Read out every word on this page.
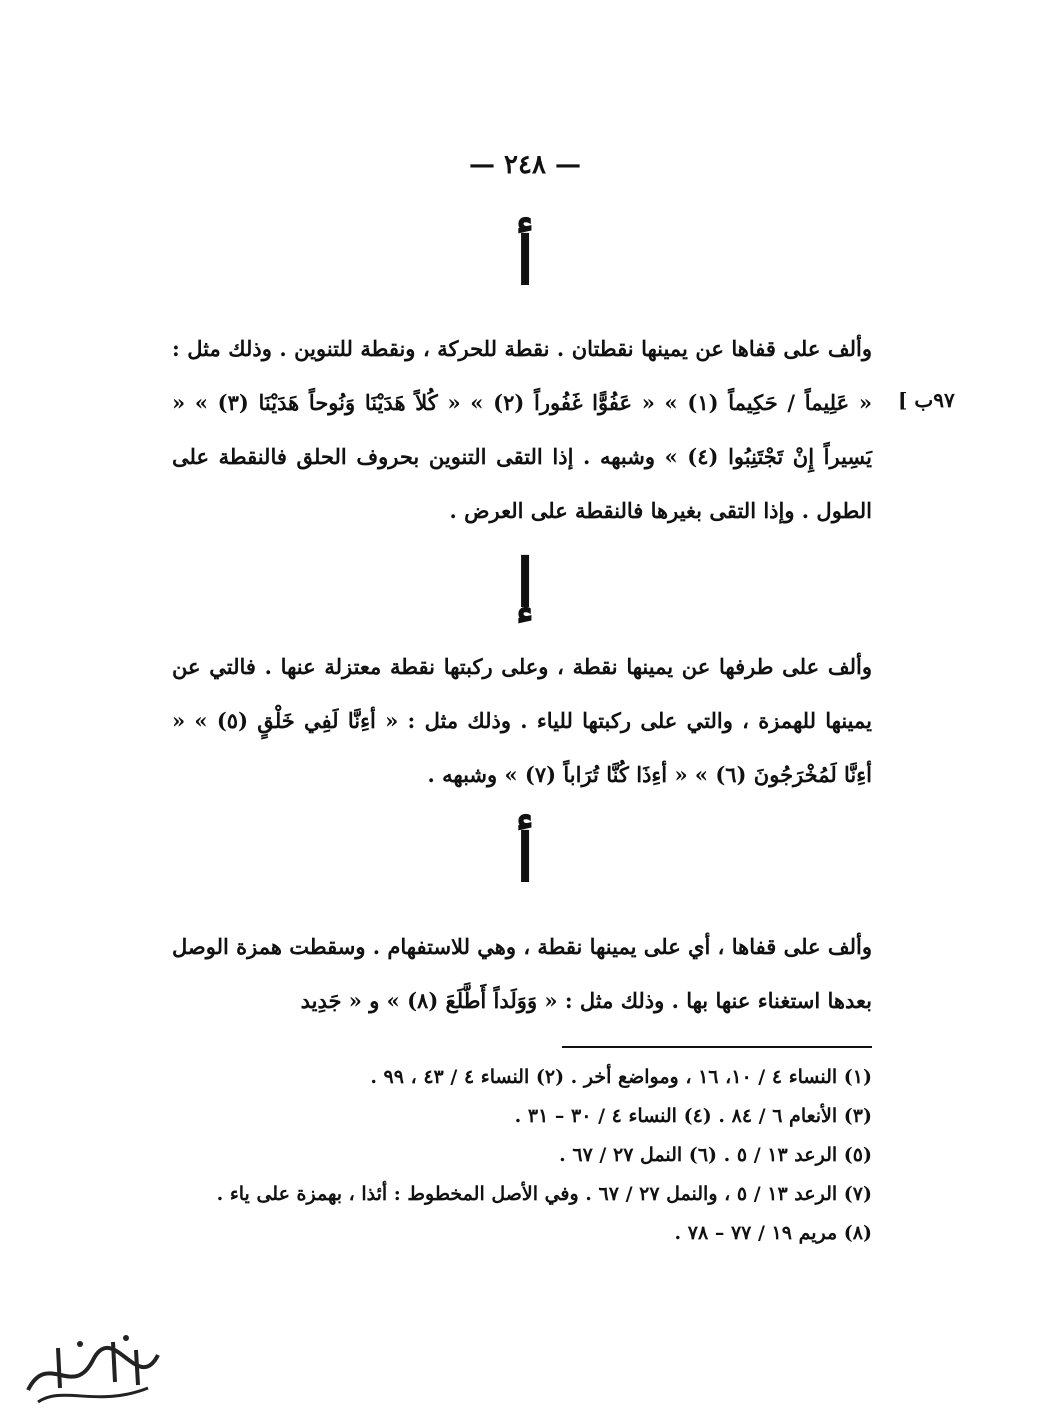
— ٢٤٨ —
أ
وألف على قفاها عن يمينها نقطتان . نقطة للحركة ، ونقطة للتنوين . وذلك مثل : « عَلِيماً / حَكِيماً (١) » « عَفُوًّا غَفُوراً (٢) » « كُلاً هَدَيْنَا وَنُوحاً هَدَيْنَا (٣) » « يَسِيراً إِنْ تَجْتَنِبُوا (٤) » وشبهه . إذا التقى التنوين بحروف الحلق فالنقطة على الطول . وإذا التقى بغيرها فالنقطة على العرض .
٩٧ب ]
إ
وألف على طرفها عن يمينها نقطة ، وعلى ركبتها نقطة معتزلة عنها . فالتي عن يمينها للهمزة ، والتي على ركبتها للياء . وذلك مثل : « أءِنَّا لَفِي خَلْقٍ (٥) » « أءِنَّا لَمُخْرَجُونَ (٦) » « أءِذَا كُنَّا تُرَاباً (٧) » وشبهه .
أ
وألف على قفاها ، أي على يمينها نقطة ، وهي للاستفهام . وسقطت همزة الوصل بعدها استغناء عنها بها . وذلك مثل : « وَوَلَداً أَطَّلَعَ (٨) » و « جَدِيد
(١) النساء ٤ / ١٠، ١٦ ، ومواضع أخر . (٢) النساء ٤ / ٤٣ ، ٩٩ .
(٣) الأنعام ٦ / ٨٤ . (٤) النساء ٤ / ٣٠ – ٣١ .
(٥) الرعد ١٣ / ٥ . (٦) النمل ٢٧ / ٦٧ .
(٧) الرعد ١٣ / ٥ ، والنمل ٢٧ / ٦٧ . وفي الأصل المخطوط : أئذا ، بهمزة على ياء .
(٨) مريم ١٩ / ٧٧ – ٧٨ .
